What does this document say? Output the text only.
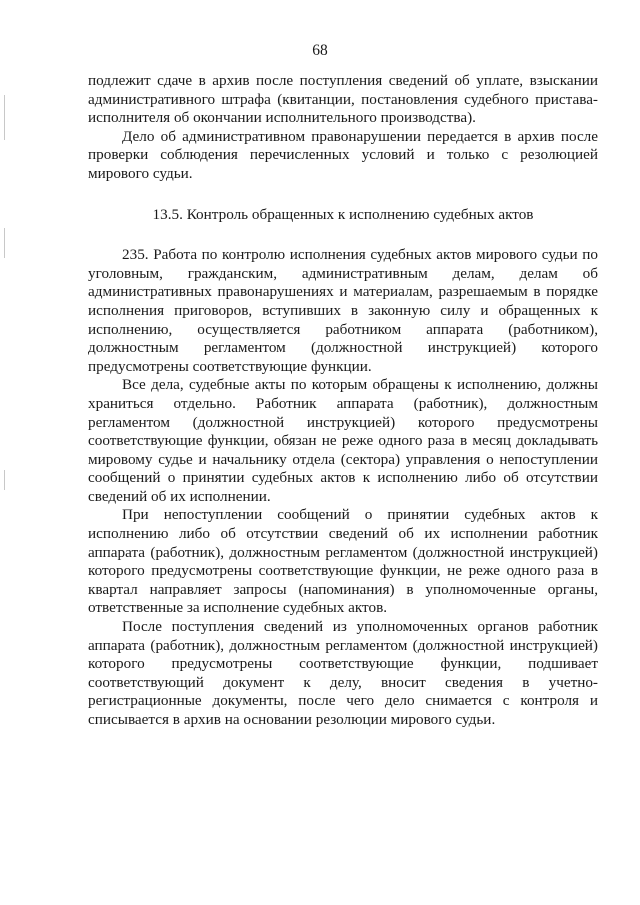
68

подлежит сдаче в архив после поступления сведений об уплате, взыскании административного штрафа (квитанции, постановления судебного пристава-исполнителя об окончании исполнительного производства).

Дело об административном правонарушении передается в архив после проверки соблюдения перечисленных условий и только с резолюцией мирового судьи.

13.5. Контроль обращенных к исполнению судебных актов

235. Работа по контролю исполнения судебных актов мирового судьи по уголовным, гражданским, административным делам, делам об административных правонарушениях и материалам, разрешаемым в порядке исполнения приговоров, вступивших в законную силу и обращенных к исполнению, осуществляется работником аппарата (работником), должностным регламентом (должностной инструкцией) которого предусмотрены соответствующие функции.

Все дела, судебные акты по которым обращены к исполнению, должны храниться отдельно. Работник аппарата (работник), должностным регламентом (должностной инструкцией) которого предусмотрены соответствующие функции, обязан не реже одного раза в месяц докладывать мировому судье и начальнику отдела (сектора) управления о непоступлении сообщений о принятии судебных актов к исполнению либо об отсутствии сведений об их исполнении.

При непоступлении сообщений о принятии судебных актов к исполнению либо об отсутствии сведений об их исполнении работник аппарата (работник), должностным регламентом (должностной инструкцией) которого предусмотрены соответствующие функции, не реже одного раза в квартал направляет запросы (напоминания) в уполномоченные органы, ответственные за исполнение судебных актов.

После поступления сведений из уполномоченных органов работник аппарата (работник), должностным регламентом (должностной инструкцией) которого предусмотрены соответствующие функции, подшивает соответствующий документ к делу, вносит сведения в учетно-регистрационные документы, после чего дело снимается с контроля и списывается в архив на основании резолюции мирового судьи.
